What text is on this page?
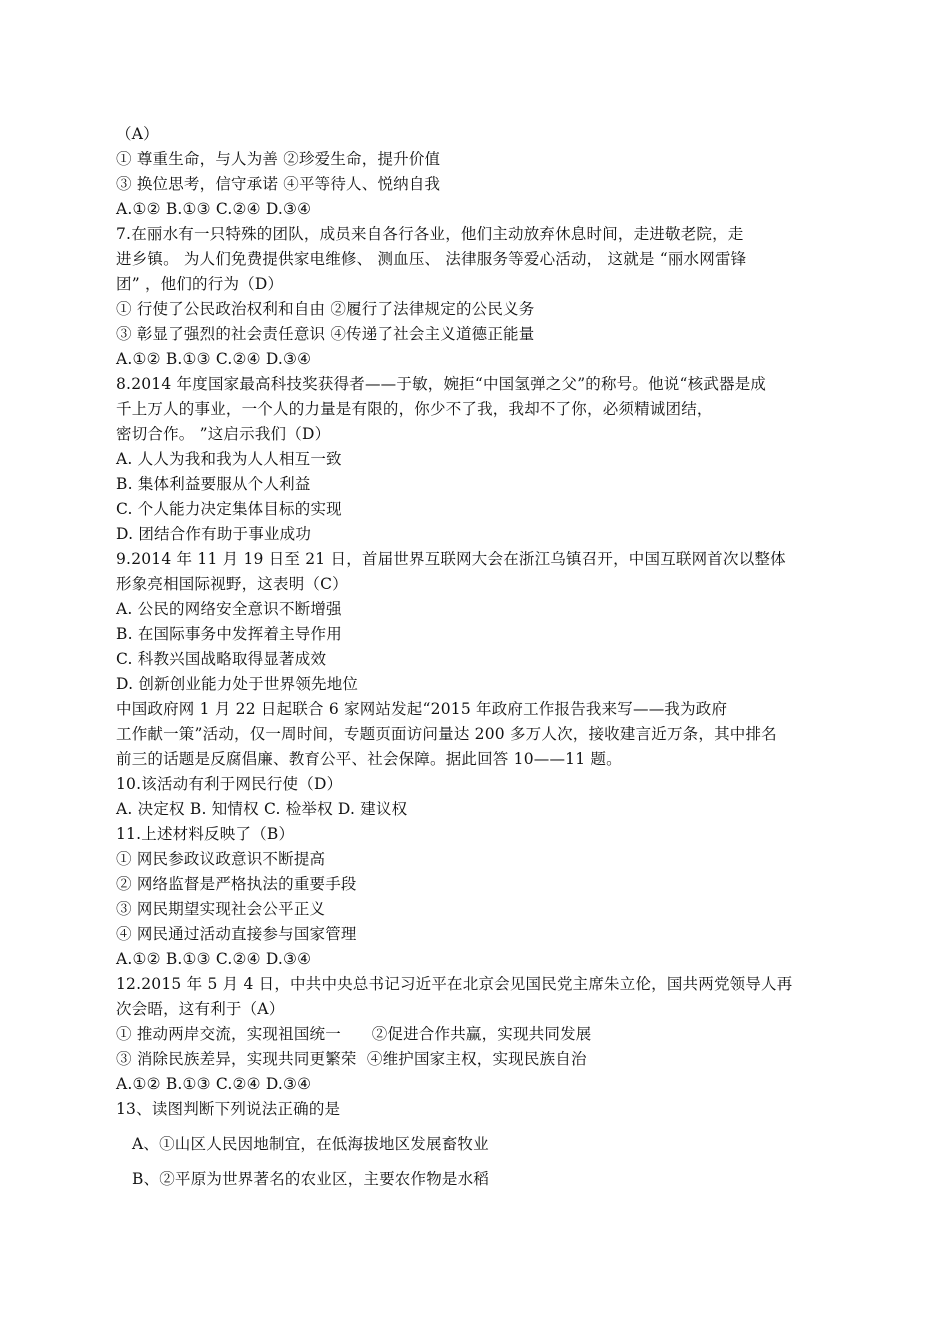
（A）
① 尊重生命，与人为善 ②珍爱生命，提升价值
③ 换位思考，信守承诺 ④平等待人、悦纳自我
A.①② B.①③ C.②④ D.③④
7.在丽水有一只特殊的团队，成员来自各行各业，他们主动放弃休息时间，走进敬老院，走
进乡镇。 为人们免费提供家电维修、 测血压、 法律服务等爱心活动， 这就是 “丽水网雷锋
团” ，他们的行为（D）
① 行使了公民政治权利和自由 ②履行了法律规定的公民义务
③ 彰显了强烈的社会责任意识 ④传递了社会主义道德正能量
A.①② B.①③ C.②④ D.③④
8.2014 年度国家最高科技奖获得者——于敏，婉拒“中国氢弹之父”的称号。他说“核武器是成
千上万人的事业，一个人的力量是有限的，你少不了我，我却不了你，必须精诚团结，
密切合作。 ”这启示我们（D）
A. 人人为我和我为人人相互一致
B. 集体利益要服从个人利益
C. 个人能力决定集体目标的实现
D. 团结合作有助于事业成功
9.2014 年 11 月 19 日至 21 日，首届世界互联网大会在浙江乌镇召开，中国互联网首次以整体
形象亮相国际视野，这表明（C）
A. 公民的网络安全意识不断增强
B. 在国际事务中发挥着主导作用
C. 科教兴国战略取得显著成效
D. 创新创业能力处于世界领先地位
中国政府网 1 月 22 日起联合 6 家网站发起“2015 年政府工作报告我来写——我为政府
工作献一策”活动，仅一周时间，专题页面访问量达 200 多万人次，接收建言近万条，其中排名
前三的话题是反腐倡廉、教育公平、社会保障。据此回答 10——11 题。
10.该活动有利于网民行使（D）
A. 决定权 B. 知情权 C. 检举权 D. 建议权
11.上述材料反映了（B）
① 网民参政议政意识不断提高
② 网络监督是严格执法的重要手段
③ 网民期望实现社会公平正义
④ 网民通过活动直接参与国家管理
A.①② B.①③ C.②④ D.③④
12.2015 年 5 月 4 日，中共中央总书记习近平在北京会见国民党主席朱立伦，国共两党领导人再
次会晤，这有利于（A）
① 推动两岸交流，实现祖国统一      ②促进合作共赢，实现共同发展
③ 消除民族差异，实现共同更繁荣  ④维护国家主权，实现民族自治
A.①② B.①③ C.②④ D.③④
13、读图判断下列说法正确的是
A、①山区人民因地制宜，在低海拔地区发展畜牧业
B、②平原为世界著名的农业区，主要农作物是水稻
